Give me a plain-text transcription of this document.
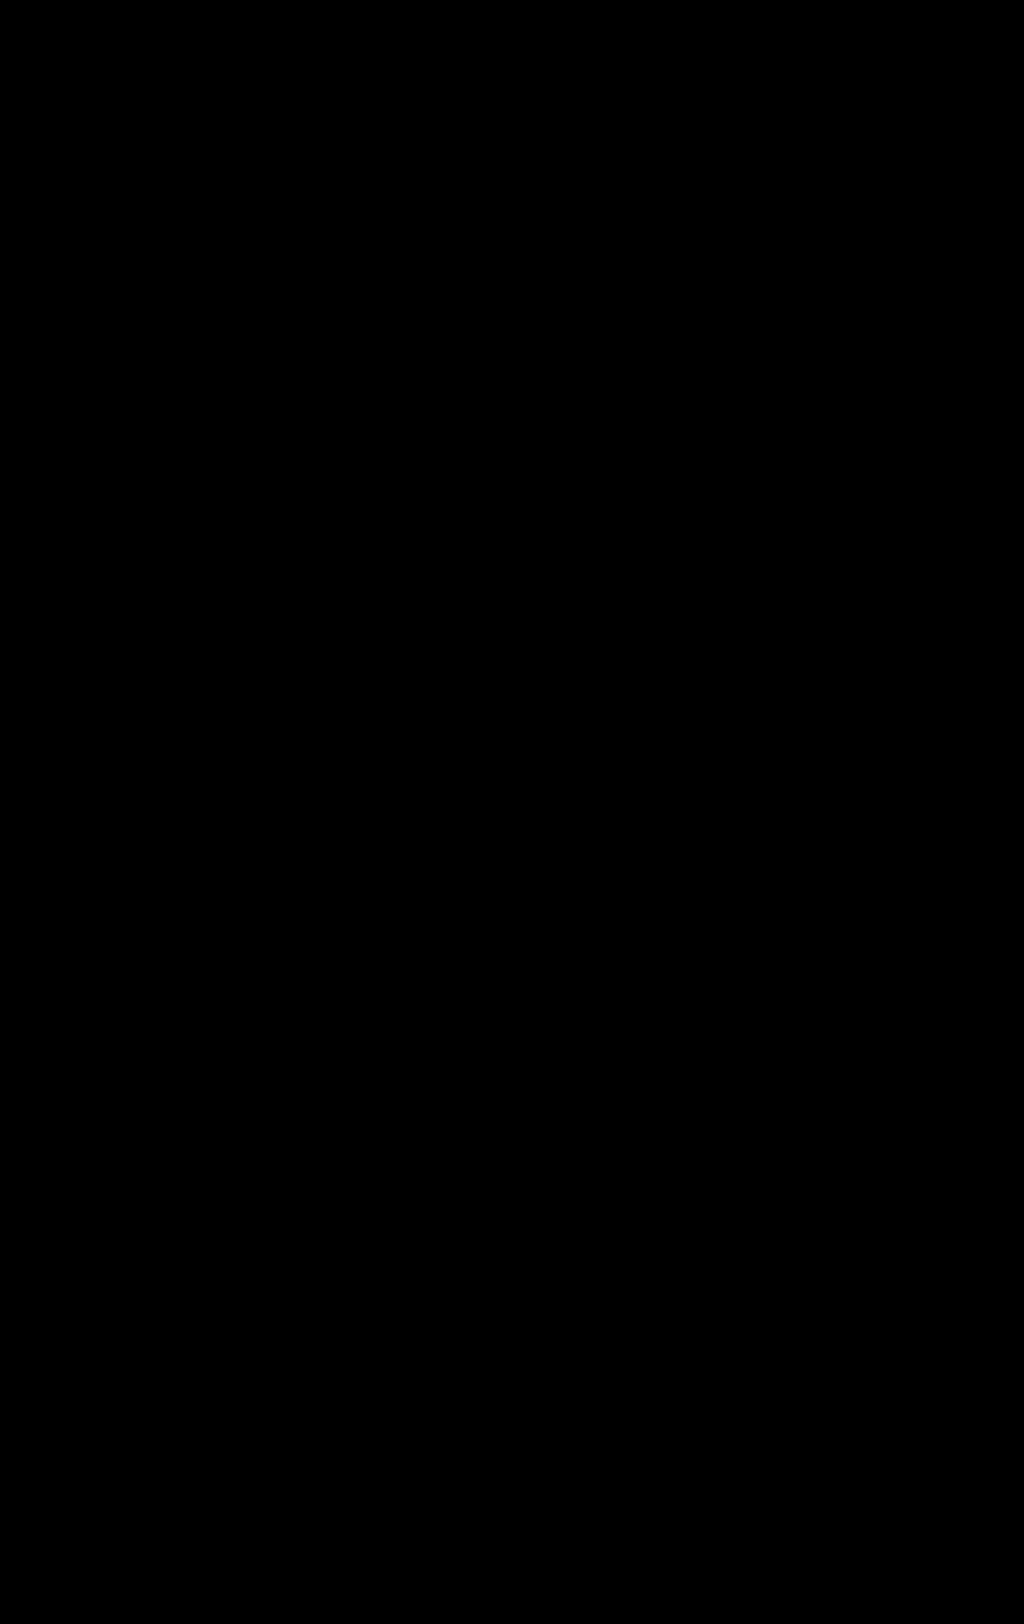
PSE-TS.IZDL.220.0 PL/2014v.1 – Ceramiczne długopienne izolatory wiszące do sieci 220 kV
TABLICA 8.1. c.d.
p. 7.
c.d.
7.3. Rozciągające obciążenie probiercze w badaniach wyro-
bu $^{1)}$	kN
7.4. Odporność na nagłe zmiany temperatury
(należy stwierdzić spełnienie wymagań według p. 6.4.)
7.5. Odporność na zmiany temperatury przy obciążeniu
(należy stwierdzić spełnienie wymagań według p. 6.6.)
8. Właściwości elektryczne
8.1. Znamionowe napięcie wytrzymywane udarowe piorunо-
we na sucho $^{1)}$	kV
8.2. 50-procentowe udarowe piorunowe napięcie przeskoku
biegunowości dodatniej$^{4)}$	kV
8.3. 50-procentowe udarowe piorunowe napięcie przeskoku
biegunowości ujemnej $^{4)}$	kV
8.4. Znamionowe napięcie wytrzymywane przemienne
o częstotliwości sieciowej, w deszczu (1-minutowe) $^{1)}$	kV
8.5. Najmniejsze napięcie przeskoku przemienne
o częstotliwości sieciowej, w deszczu $^{5)}$	kV
9. Właściwości i parametry elementów izolatora
9.1. Część izolacyjna izolatora (część ceramiczna)
nazwa materiału elektroizolacyjnego $^{1)}$
rodzaj materiału elektroizolacyjnego $^{1)}$
barwa szkliwa
9.2. Okucia
typ okucia $^{1)}$
materiał i sposób wykonania okucia
wymiary (rozmiar) ucha widlastego $^{1)}$
(element złącza o ruchu nieograniczo-
nym)
znamionowa mechaniczna wytrzyma-
łość okucia na rozciąganie $^{1), 6)}$	kN
metoda zabezpieczenia antykorozyjne-
go okuć
minimalna grubość po-
włoki
antykorozyjnej
w pojedynczym punk-
cie
µm
średnia	µm
29
